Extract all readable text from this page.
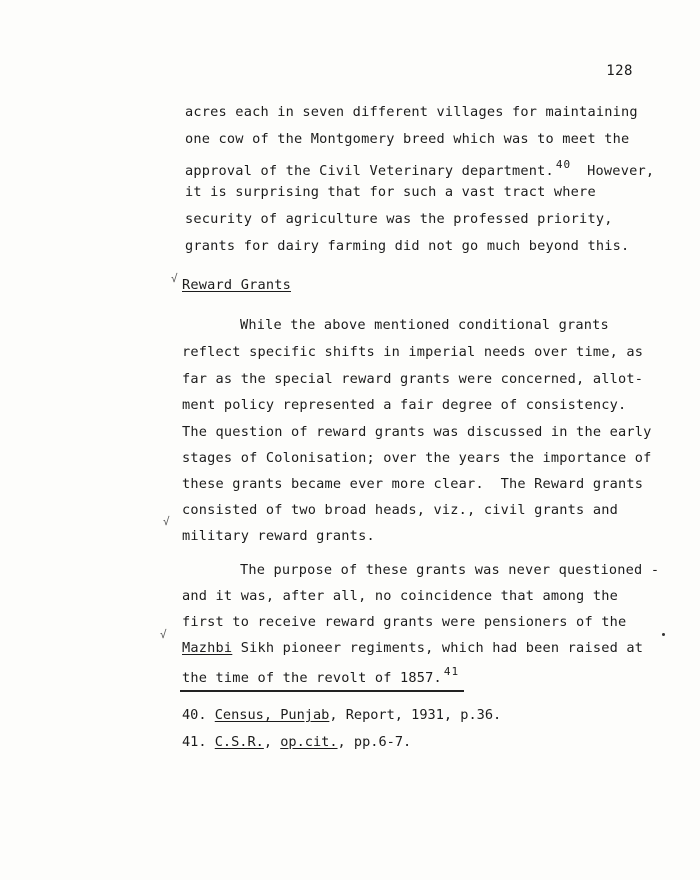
128
acres each in seven different villages for maintaining
one cow of the Montgomery breed which was to meet the
approval of the Civil Veterinary department. $^{40}$ However,
it is surprising that for such a vast tract where
security of agriculture was the professed priority,
grants for dairy farming did not go much beyond this.
√ Reward Grants
While the above mentioned conditional grants
reflect specific shifts in imperial needs over time, as
far as the special reward grants were concerned, allot-
ment policy represented a fair degree of consistency.
The question of reward grants was discussed in the early
stages of Colonisation; over the years the importance of
these grants became ever more clear.  The Reward grants
consisted of two broad heads, viz., civil grants and
√
military reward grants.
The purpose of these grants was never questioned -
and it was, after all, no coincidence that among the
first to receive reward grants were pensioners of the
√
Mazhbi Sikh pioneer regiments, which had been raised at
the time of the revolt of 1857. $^{41}$
40. Census, Punjab, Report, 1931, p.36.
41. C.S.R., op.cit., pp.6-7.
